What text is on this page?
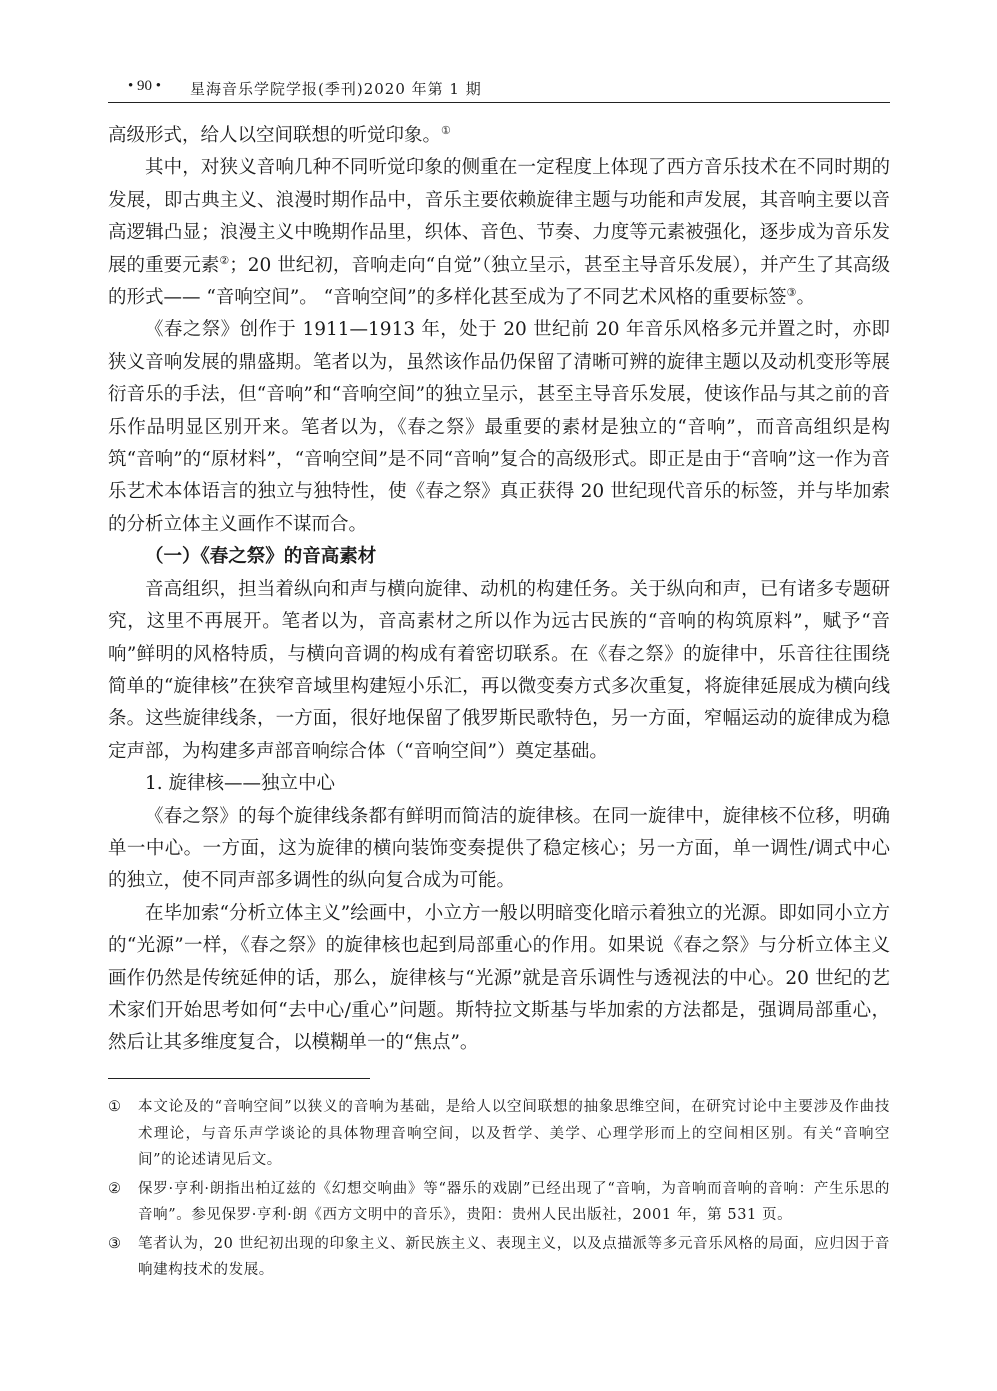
• 90 • 星海音乐学院学报(季刊)2020 年第 1 期

高级形式，给人以空间联想的听觉印象。①

其中，对狭义音响几种不同听觉印象的侧重在一定程度上体现了西方音乐技术在不同时期的发展，即古典主义、浪漫时期作品中，音乐主要依赖旋律主题与功能和声发展，其音响主要以音高逻辑凸显；浪漫主义中晚期作品里，织体、音色、节奏、力度等元素被强化，逐步成为音乐发展的重要元素②；20 世纪初，音响走向“自觉”（独立呈示，甚至主导音乐发展），并产生了其高级的形式—— “音响空间”。 “音响空间”的多样化甚至成为了不同艺术风格的重要标签③。

《春之祭》创作于 1911—1913 年，处于 20 世纪前 20 年音乐风格多元并置之时，亦即狭义音响发展的鼎盛期。笔者以为，虽然该作品仍保留了清晰可辨的旋律主题以及动机变形等展衍音乐的手法，但“音响”和“音响空间”的独立呈示，甚至主导音乐发展，使该作品与其之前的音乐作品明显区别开来。笔者以为，《春之祭》最重要的素材是独立的“音响”，而音高组织是构筑“音响”的“原材料”，“音响空间”是不同“音响”复合的高级形式。即正是由于“音响”这一作为音乐艺术本体语言的独立与独特性，使《春之祭》真正获得 20 世纪现代音乐的标签，并与毕加索的分析立体主义画作不谋而合。

（一）《春之祭》的音高素材

音高组织，担当着纵向和声与横向旋律、动机的构建任务。关于纵向和声，已有诸多专题研究，这里不再展开。笔者以为，音高素材之所以作为远古民族的“音响的构筑原料”，赋予“音响”鲜明的风格特质，与横向音调的构成有着密切联系。在《春之祭》的旋律中，乐音往往围绕简单的“旋律核”在狭窄音域里构建短小乐汇，再以微变奏方式多次重复，将旋律延展成为横向线条。这些旋律线条，一方面，很好地保留了俄罗斯民歌特色，另一方面，窄幅运动的旋律成为稳定声部，为构建多声部音响综合体（“音响空间”）奠定基础。

1. 旋律核——独立中心

《春之祭》的每个旋律线条都有鲜明而简洁的旋律核。在同一旋律中，旋律核不位移，明确单一中心。一方面，这为旋律的横向装饰变奏提供了稳定核心；另一方面，单一调性/调式中心的独立，使不同声部多调性的纵向复合成为可能。

在毕加索“分析立体主义”绘画中，小立方一般以明暗变化暗示着独立的光源。即如同小立方的“光源”一样，《春之祭》的旋律核也起到局部重心的作用。如果说《春之祭》与分析立体主义画作仍然是传统延伸的话，那么，旋律核与“光源”就是音乐调性与透视法的中心。20 世纪的艺术家们开始思考如何“去中心/重心”问题。斯特拉文斯基与毕加索的方法都是，强调局部重心，然后让其多维度复合，以模糊单一的“焦点”。

①	本文论及的“音响空间”以狭义的音响为基础，是给人以空间联想的抽象思维空间，在研究讨论中主要涉及作曲技术理论，与音乐声学谈论的具体物理音响空间，以及哲学、美学、心理学形而上的空间相区别。有关“音响空间”的论述请见后文。
②	保罗·亨利·朗指出柏辽兹的《幻想交响曲》等“器乐的戏剧”已经出现了“音响，为音响而音响的音响：产生乐思的音响”。参见保罗·亨利·朗《西方文明中的音乐》，贵阳：贵州人民出版社，2001 年，第 531 页。
③	笔者认为，20 世纪初出现的印象主义、新民族主义、表现主义，以及点描派等多元音乐风格的局面，应归因于音响建构技术的发展。
